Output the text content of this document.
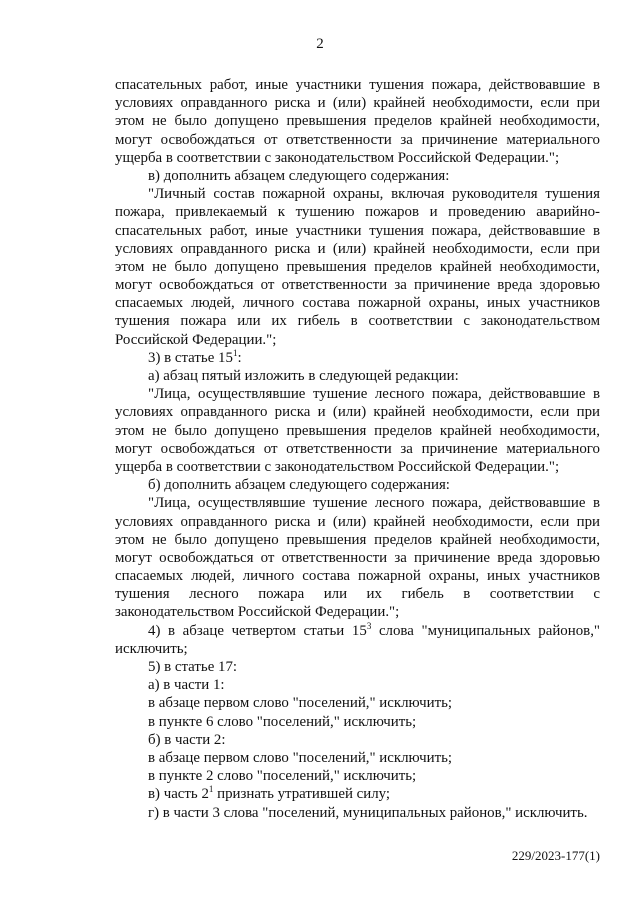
2
спасательных работ, иные участники тушения пожара, действовавшие в
условиях оправданного риска и (или) крайней необходимости, если при
этом не было допущено превышения пределов крайней необходимости,
могут освобождаться от ответственности за причинение материального
ущерба в соответствии с законодательством Российской Федерации.";
в) дополнить абзацем следующего содержания:
"Личный состав пожарной охраны, включая руководителя тушения
пожара, привлекаемый к тушению пожаров и проведению аварийно-
спасательных работ, иные участники тушения пожара, действовавшие в
условиях оправданного риска и (или) крайней необходимости, если при
этом не было допущено превышения пределов крайней необходимости,
могут освобождаться от ответственности за причинение вреда здоровью
спасаемых людей, личного состава пожарной охраны, иных участников
тушения пожара или их гибель в соответствии с законодательством
Российской Федерации.";
3) в статье $15^1$:
а) абзац пятый изложить в следующей редакции:
"Лица, осуществлявшие тушение лесного пожара, действовавшие в
условиях оправданного риска и (или) крайней необходимости, если при
этом не было допущено превышения пределов крайней необходимости,
могут освобождаться от ответственности за причинение материального
ущерба в соответствии с законодательством Российской Федерации.";
б) дополнить абзацем следующего содержания:
"Лица, осуществлявшие тушение лесного пожара, действовавшие в
условиях оправданного риска и (или) крайней необходимости, если при
этом не было допущено превышения пределов крайней необходимости,
могут освобождаться от ответственности за причинение вреда здоровью
спасаемых людей, личного состава пожарной охраны, иных участников
тушения лесного пожара или их гибель в соответствии с
законодательством Российской Федерации.";
4) в абзаце четвертом статьи $15^3$ слова "муниципальных районов,"
исключить;
5) в статье 17:
а) в части 1:
в абзаце первом слово "поселений," исключить;
в пункте 6 слово "поселений," исключить;
б) в части 2:
в абзаце первом слово "поселений," исключить;
в пункте 2 слово "поселений," исключить;
в) часть $2^1$ признать утратившей силу;
г) в части 3 слова "поселений, муниципальных районов," исключить.
229/2023-177(1)
